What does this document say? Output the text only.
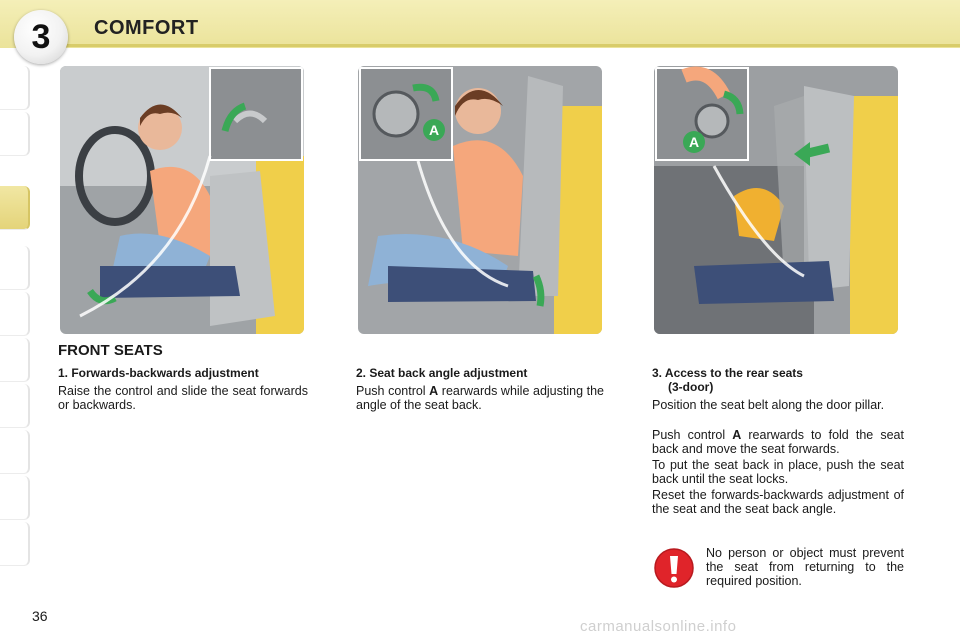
3	COMFORT
A
A
FRONT SEATS
1. Forwards-backwards adjustment
Raise the control and slide the seat forwards or backwards.
2. Seat back angle adjustment
Push control A rearwards while adjusting the angle of the seat back.
3. Access to the rear seats
(3-door)
Position the seat belt along the door pillar.
Push control A rearwards to fold the seat back and move the seat forwards.
To put the seat back in place, push the seat back until the seat locks.
Reset the forwards-backwards adjustment of the seat and the seat back angle.
No person or object must prevent the seat from returning to the required position.
36
carmanualsonline.info
